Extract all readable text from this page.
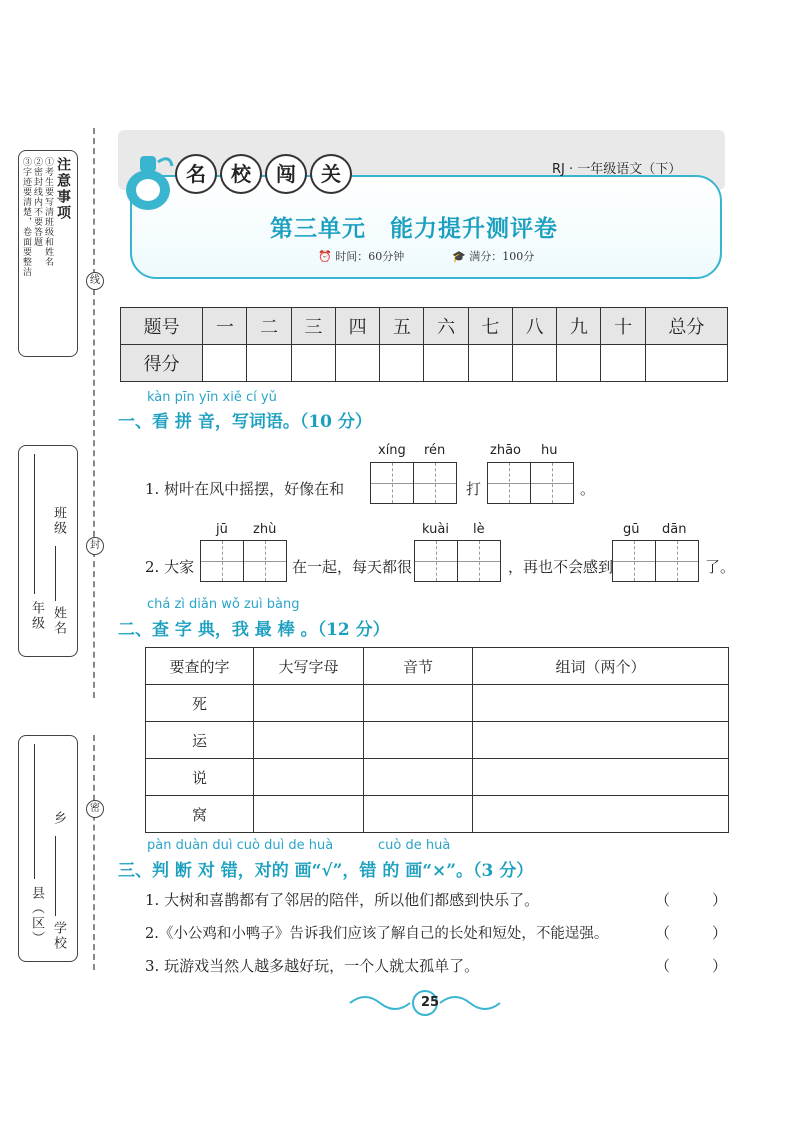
线
封
密
注意事项
①考生要写清班级和姓名
②密封线内不要答题
③字迹要清楚，卷面要整洁
年级
班级
姓名
县（区）
乡
学校
名	校	闯	关	RJ · 一年级语文（下）
第三单元　能力提升测评卷
⏰ 时间：60分钟	🎓 满分：100分
题号	一	二	三	四	五	六	七	八	九	十	总分
得分											
kàn pīn yīn xiě cí yǔ
一、看 拼 音，写词语。（10 分）
xíng rén	zhāo hu
1. 树叶在风中摇摆，好像在和	打	。
jū zhù	kuài lè	gū dān
2. 大家	在一起，每天都很	，再也不会感到	了。
chá zì diǎn wǒ zuì bàng
二、查 字 典，我 最 棒 。（12 分）
要查的字	大写字母	音节	组词（两个）
死			
运			
说			
窝			
pàn duàn duì cuò duì de huà	cuò de huà
三、判 断 对 错，对的 画“√”，错 的 画“×”。（3 分）
1. 大树和喜鹊都有了邻居的陪伴，所以他们都感到快乐了。	（	）
2.《小公鸡和小鸭子》告诉我们应该了解自己的长处和短处，不能逞强。	（	）
3. 玩游戏当然人越多越好玩，一个人就太孤单了。	（	）
25
